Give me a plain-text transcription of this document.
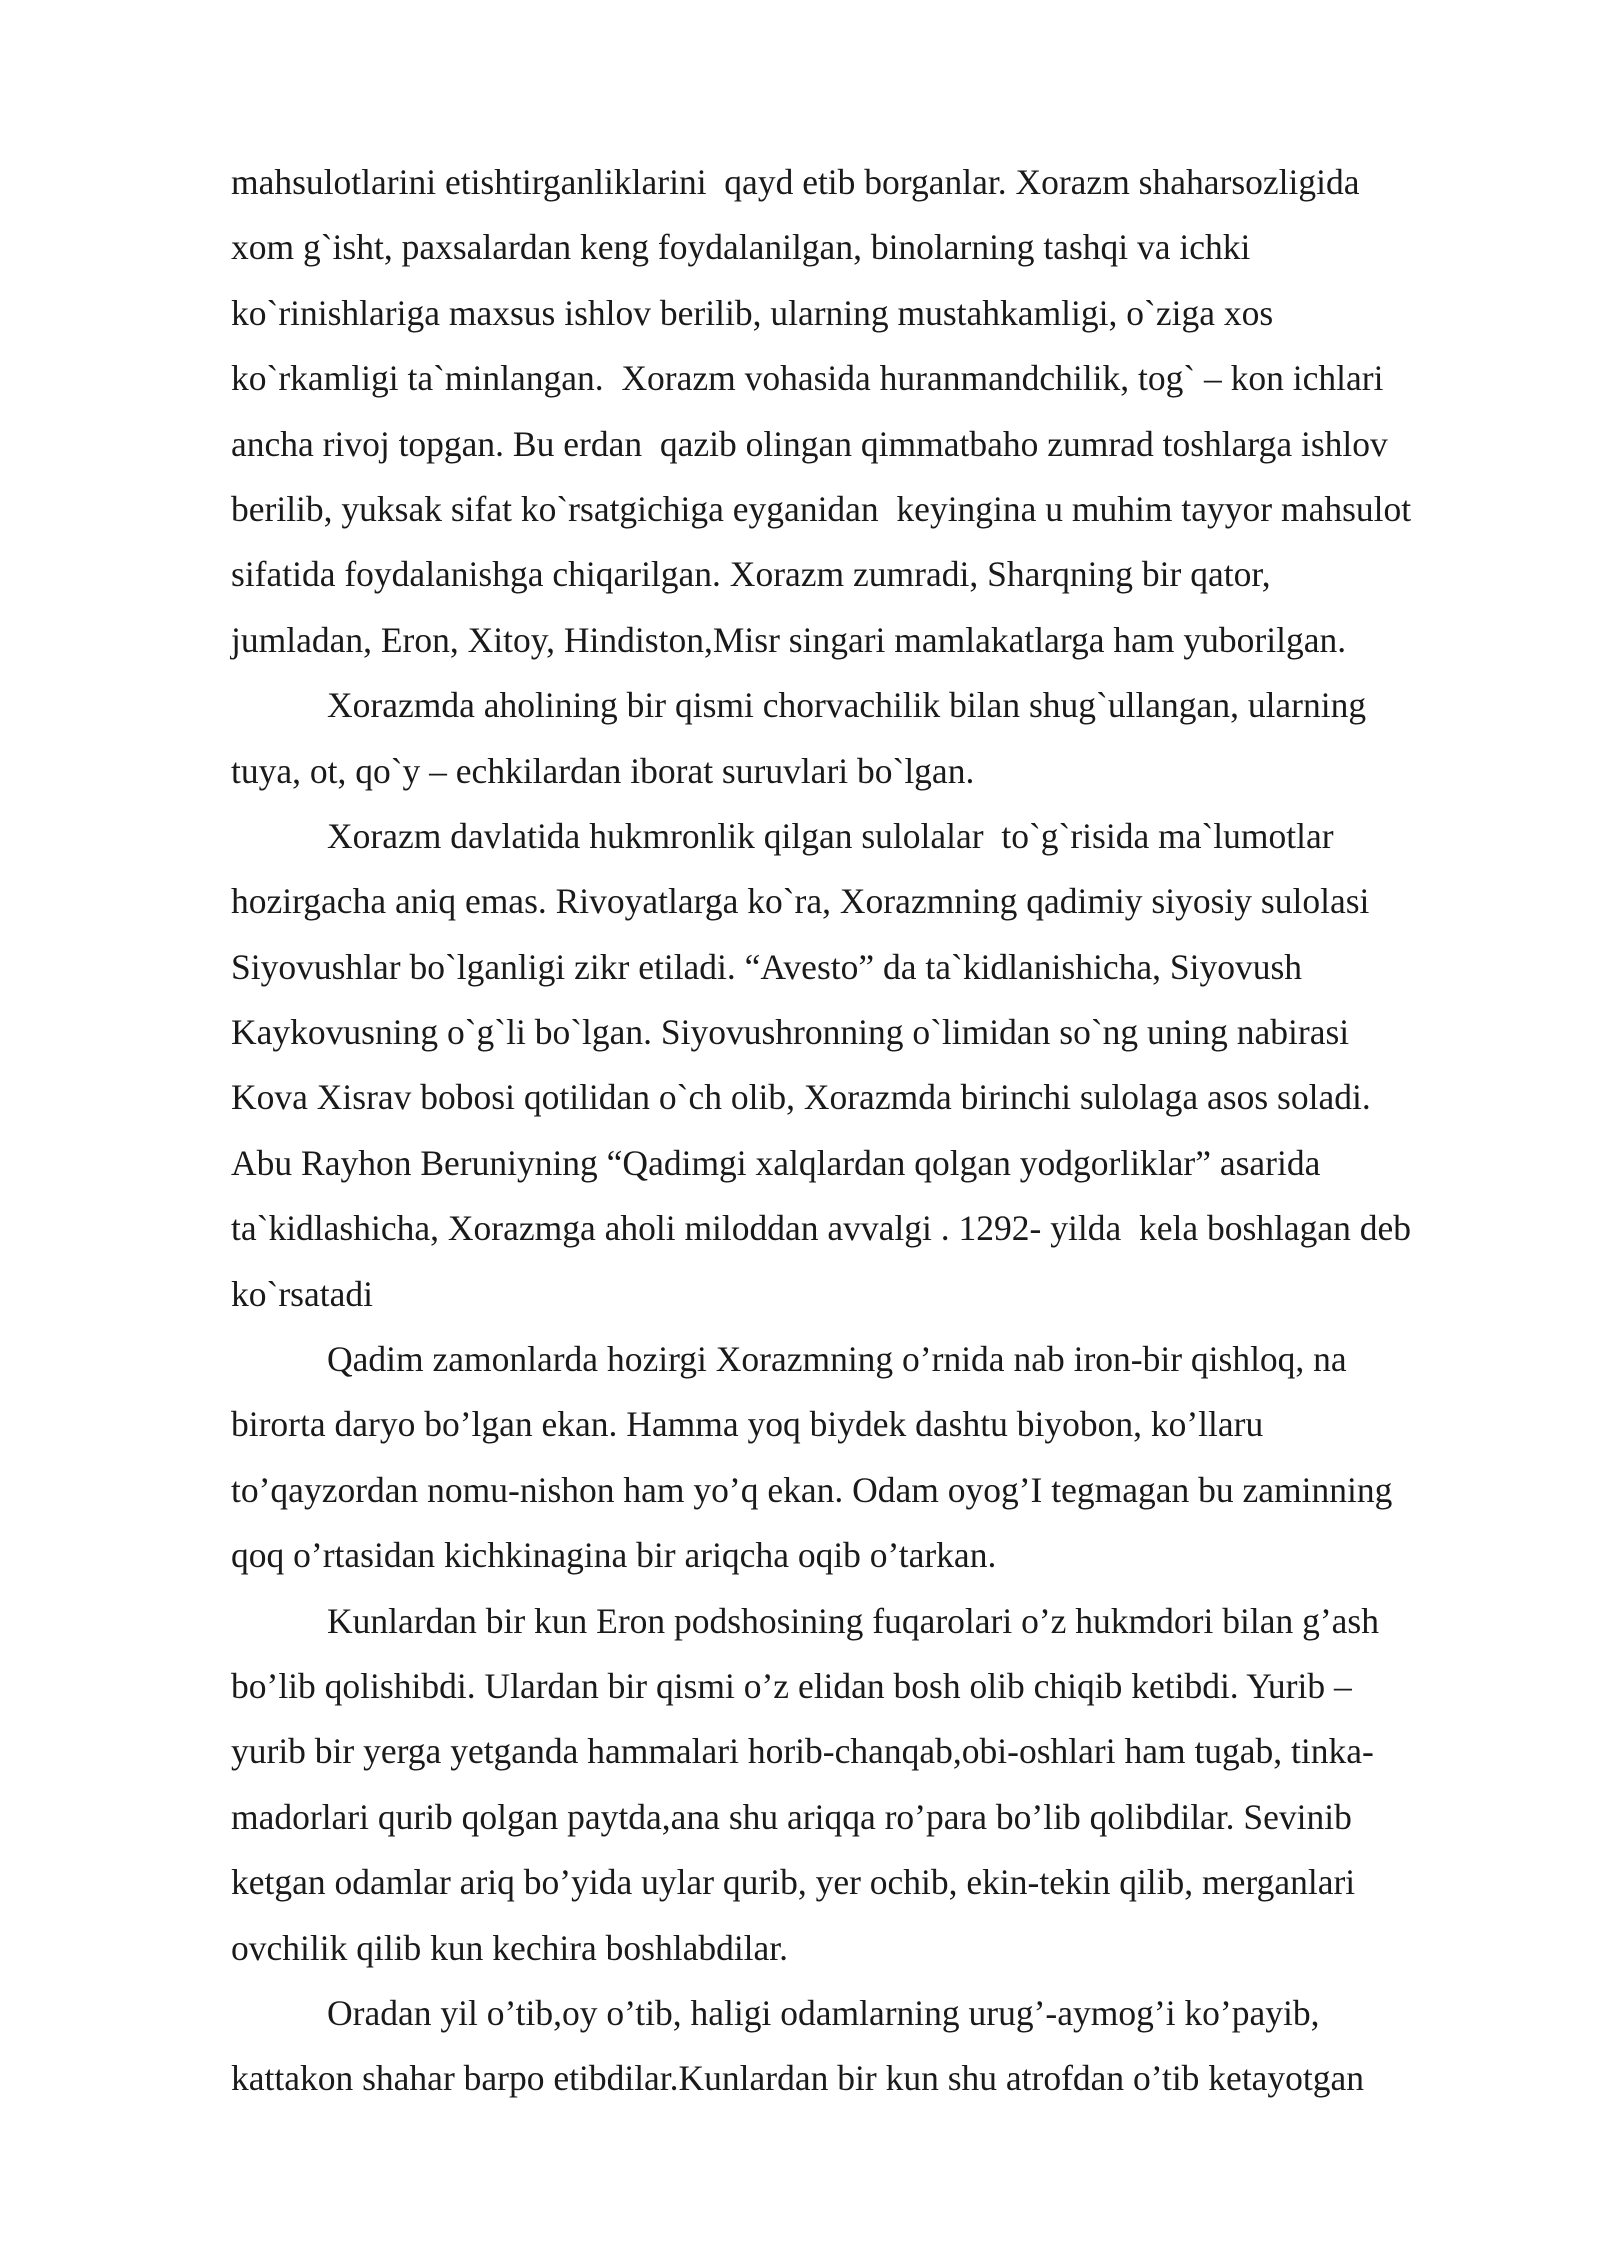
mahsulotlarini etishtirganliklarini  qayd etib borganlar. Xorazm shaharsozligida
xom g`isht, paxsalardan keng foydalanilgan, binolarning tashqi va ichki
ko`rinishlariga maxsus ishlov berilib, ularning mustahkamligi, o`ziga xos
ko`rkamligi ta`minlangan.  Xorazm vohasida huranmandchilik, tog` – kon ichlari
ancha rivoj topgan. Bu erdan  qazib olingan qimmatbaho zumrad toshlarga ishlov
berilib, yuksak sifat ko`rsatgichiga eyganidan  keyingina u muhim tayyor mahsulot
sifatida foydalanishga chiqarilgan. Xorazm zumradi, Sharqning bir qator,
jumladan, Eron, Xitoy, Hindiston,Misr singari mamlakatlarga ham yuborilgan.
Xorazmda aholining bir qismi chorvachilik bilan shug`ullangan, ularning
tuya, ot, qo`y – echkilardan iborat suruvlari bo`lgan.
Xorazm davlatida hukmronlik qilgan sulolalar  to`g`risida ma`lumotlar
hozirgacha aniq emas. Rivoyatlarga ko`ra, Xorazmning qadimiy siyosiy sulolasi
Siyovushlar bo`lganligi zikr etiladi. “Avesto” da ta`kidlanishicha, Siyovush
Kaykovusning o`g`li bo`lgan. Siyovushronning o`limidan so`ng uning nabirasi
Kova Xisrav bobosi qotilidan o`ch olib, Xorazmda birinchi sulolaga asos soladi.
Abu Rayhon Beruniyning “Qadimgi xalqlardan qolgan yodgorliklar” asarida
ta`kidlashicha, Xorazmga aholi miloddan avvalgi . 1292- yilda  kela boshlagan deb
ko`rsatadi
Qadim zamonlarda hozirgi Xorazmning o’rnida nab iron-bir qishloq, na
birorta daryo bo’lgan ekan. Hamma yoq biydek dashtu biyobon, ko’llaru
to’qayzordan nomu-nishon ham yo’q ekan. Odam oyog’I tegmagan bu zaminning
qoq o’rtasidan kichkinagina bir ariqcha oqib o’tarkan.
Kunlardan bir kun Eron podshosining fuqarolari o’z hukmdori bilan g’ash
bo’lib qolishibdi. Ulardan bir qismi o’z elidan bosh olib chiqib ketibdi. Yurib –
yurib bir yerga yetganda hammalari horib-chanqab,obi-oshlari ham tugab, tinka-
madorlari qurib qolgan paytda,ana shu ariqqa ro’para bo’lib qolibdilar. Sevinib
ketgan odamlar ariq bo’yida uylar qurib, yer ochib, ekin-tekin qilib, merganlari
ovchilik qilib kun kechira boshlabdilar.
Oradan yil o’tib,oy o’tib, haligi odamlarning urug’-aymog’i ko’payib,
kattakon shahar barpo etibdilar.Kunlardan bir kun shu atrofdan o’tib ketayotgan
